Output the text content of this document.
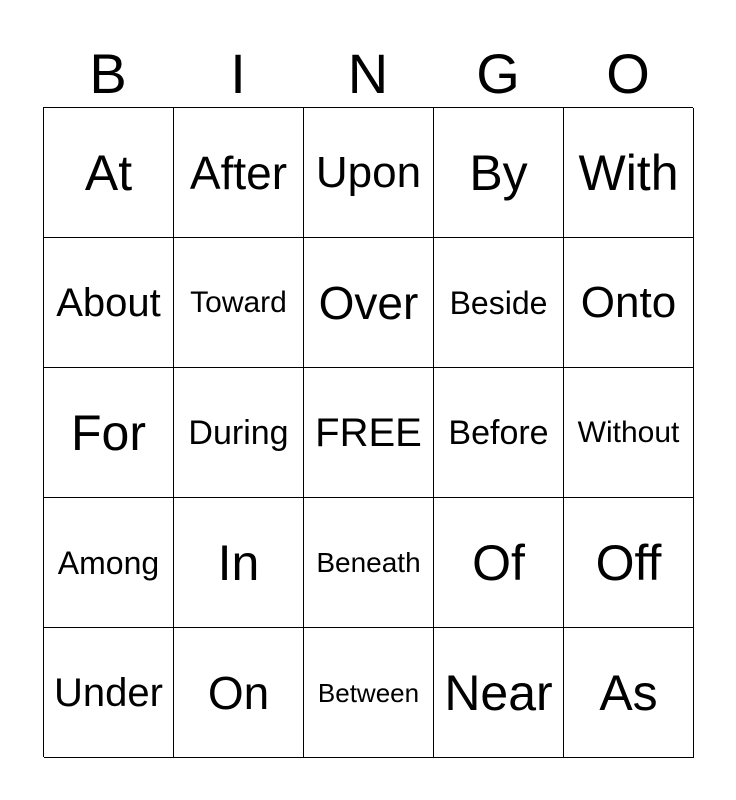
B	I	N	G	O
At After Upon By With
About Toward Over Beside Onto
For During FREE Before Without
Among In Beneath Of Off
Under On Between Near As
